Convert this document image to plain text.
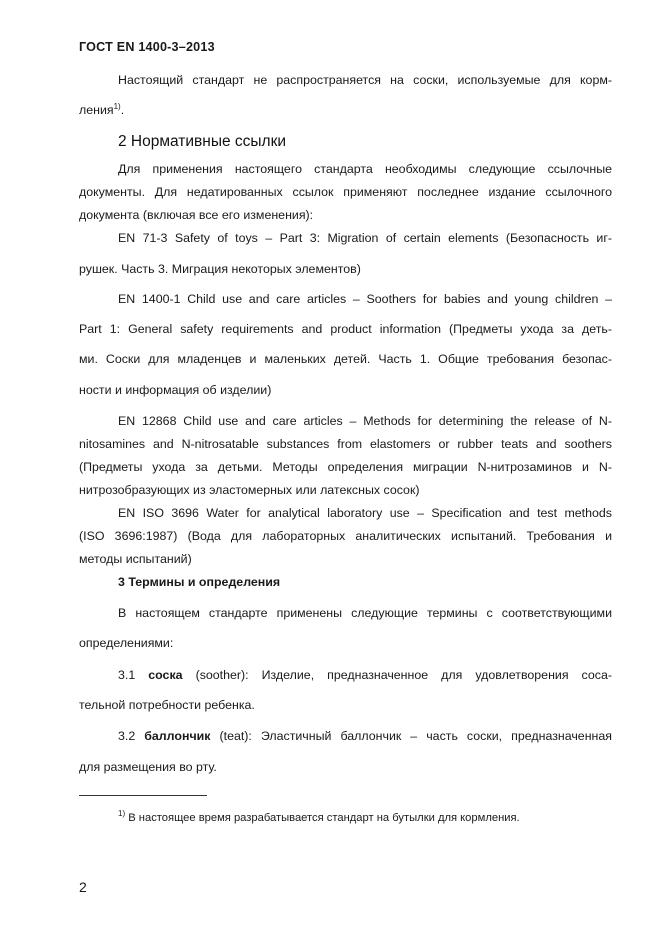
ГОСТ EN 1400-3–2013
Настоящий стандарт не распространяется на соски, используемые для корм-
ления$^{1)}$.
2 Нормативные ссылки
Для применения настоящего стандарта необходимы следующие ссылочные
документы. Для недатированных ссылок применяют последнее издание ссылочного
документа (включая все его изменения):
EN 71-3 Safety of toys – Part 3: Migration of certain elements (Безопасность иг-
рушек. Часть 3. Миграция некоторых элементов)
EN 1400-1 Child use and care articles – Soothers for babies and young children –
Part 1: General safety requirements and product information (Предметы ухода за деть-
ми. Соски для младенцев и маленьких детей. Часть 1. Общие требования безопас-
ности и информация об изделии)
EN 12868 Child use and care articles – Methods for determining the release of N-
nitosamines and N-nitrosatable substances from elastomers or rubber teats and soothers
(Предметы ухода за детьми. Методы определения миграции N-нитрозаминов и N-
нитрозобразующих из эластомерных или латексных сосок)
EN ISO 3696 Water for analytical laboratory use – Specification and test methods
(ISO 3696:1987) (Вода для лабораторных аналитических испытаний. Требования и
методы испытаний)
3 Термины и определения
В настоящем стандарте применены следующие термины с соответствующими
определениями:
3.1 соска (soother): Изделие, предназначенное для удовлетворения соса-
тельной потребности ребенка.
3.2 баллончик (teat): Эластичный баллончик – часть соски, предназначенная
для размещения во рту.
$^{1)}$ В настоящее время разрабатывается стандарт на бутылки для кормления.
2
